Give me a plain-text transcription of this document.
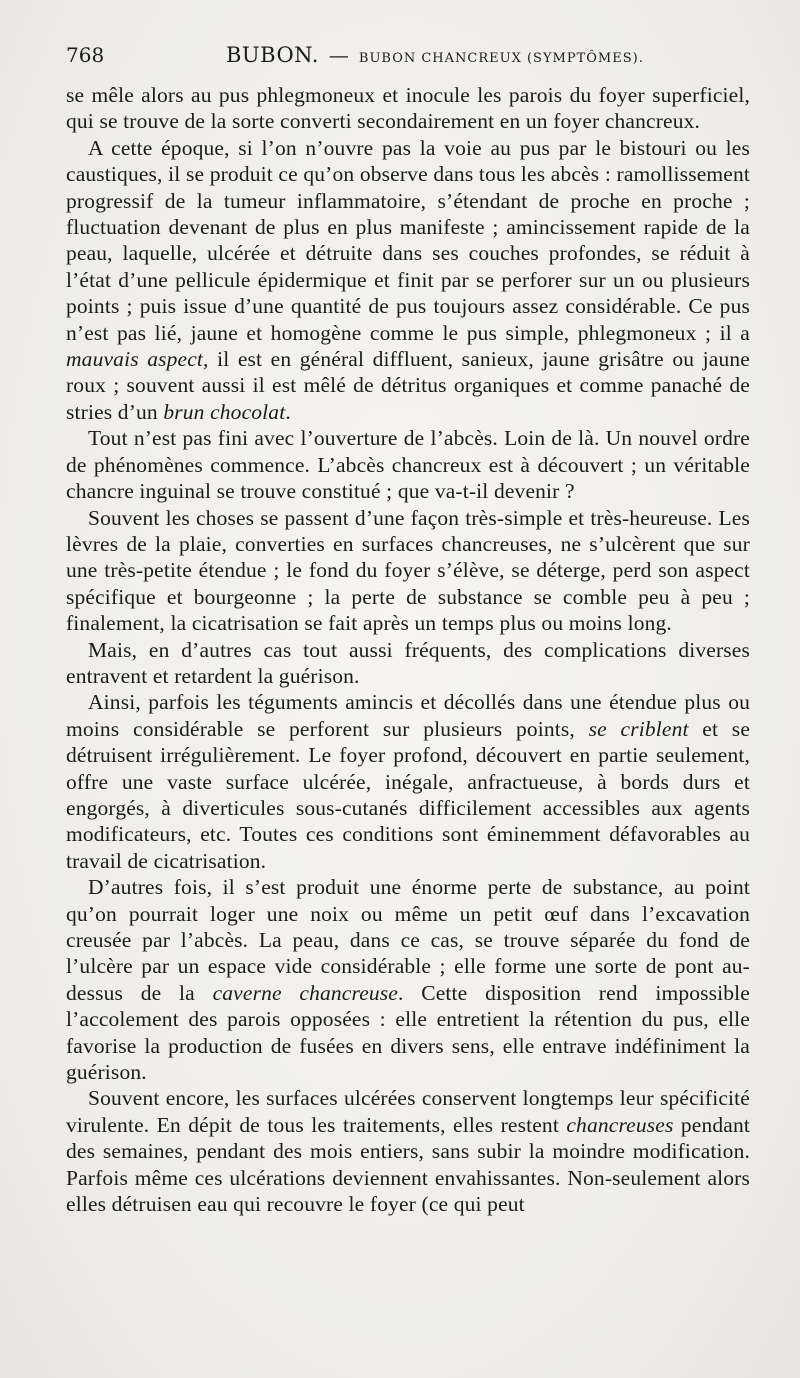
768	BUBON. — BUBON CHANCREUX (SYMPTÔMES).

se mêle alors au pus phlegmoneux et inocule les parois du foyer superficiel, qui se trouve de la sorte converti secondairement en un foyer chancreux.

A cette époque, si l’on n’ouvre pas la voie au pus par le bistouri ou les caustiques, il se produit ce qu’on observe dans tous les abcès : ramollissement progressif de la tumeur inflammatoire, s’étendant de proche en proche ; fluctuation devenant de plus en plus manifeste ; amincissement rapide de la peau, laquelle, ulcérée et détruite dans ses couches profondes, se réduit à l’état d’une pellicule épidermique et finit par se perforer sur un ou plusieurs points ; puis issue d’une quantité de pus toujours assez considérable. Ce pus n’est pas lié, jaune et homogène comme le pus simple, phlegmoneux ; il a mauvais aspect, il est en général diffluent, sanieux, jaune grisâtre ou jaune roux ; souvent aussi il est mêlé de détritus organiques et comme panaché de stries d’un brun chocolat.

Tout n’est pas fini avec l’ouverture de l’abcès. Loin de là. Un nouvel ordre de phénomènes commence. L’abcès chancreux est à découvert ; un véritable chancre inguinal se trouve constitué ; que va-t-il devenir ?

Souvent les choses se passent d’une façon très-simple et très-heureuse. Les lèvres de la plaie, converties en surfaces chancreuses, ne s’ulcèrent que sur une très-petite étendue ; le fond du foyer s’élève, se déterge, perd son aspect spécifique et bourgeonne ; la perte de substance se comble peu à peu ; finalement, la cicatrisation se fait après un temps plus ou moins long.

Mais, en d’autres cas tout aussi fréquents, des complications diverses entravent et retardent la guérison.

Ainsi, parfois les téguments amincis et décollés dans une étendue plus ou moins considérable se perforent sur plusieurs points, se criblent et se détruisent irrégulièrement. Le foyer profond, découvert en partie seulement, offre une vaste surface ulcérée, inégale, anfractueuse, à bords durs et engorgés, à diverticules sous-cutanés difficilement accessibles aux agents modificateurs, etc. Toutes ces conditions sont éminemment défavorables au travail de cicatrisation.

D’autres fois, il s’est produit une énorme perte de substance, au point qu’on pourrait loger une noix ou même un petit œuf dans l’excavation creusée par l’abcès. La peau, dans ce cas, se trouve séparée du fond de l’ulcère par un espace vide considérable ; elle forme une sorte de pont au-dessus de la caverne chancreuse. Cette disposition rend impossible l’accolement des parois opposées : elle entretient la rétention du pus, elle favorise la production de fusées en divers sens, elle entrave indéfiniment la guérison.

Souvent encore, les surfaces ulcérées conservent longtemps leur spécificité virulente. En dépit de tous les traitements, elles restent chancreuses pendant des semaines, pendant des mois entiers, sans subir la moindre modification. Parfois même ces ulcérations deviennent envahissantes. Non-seulement alors elles détruisen eau qui recouvre le foyer (ce qui peut
